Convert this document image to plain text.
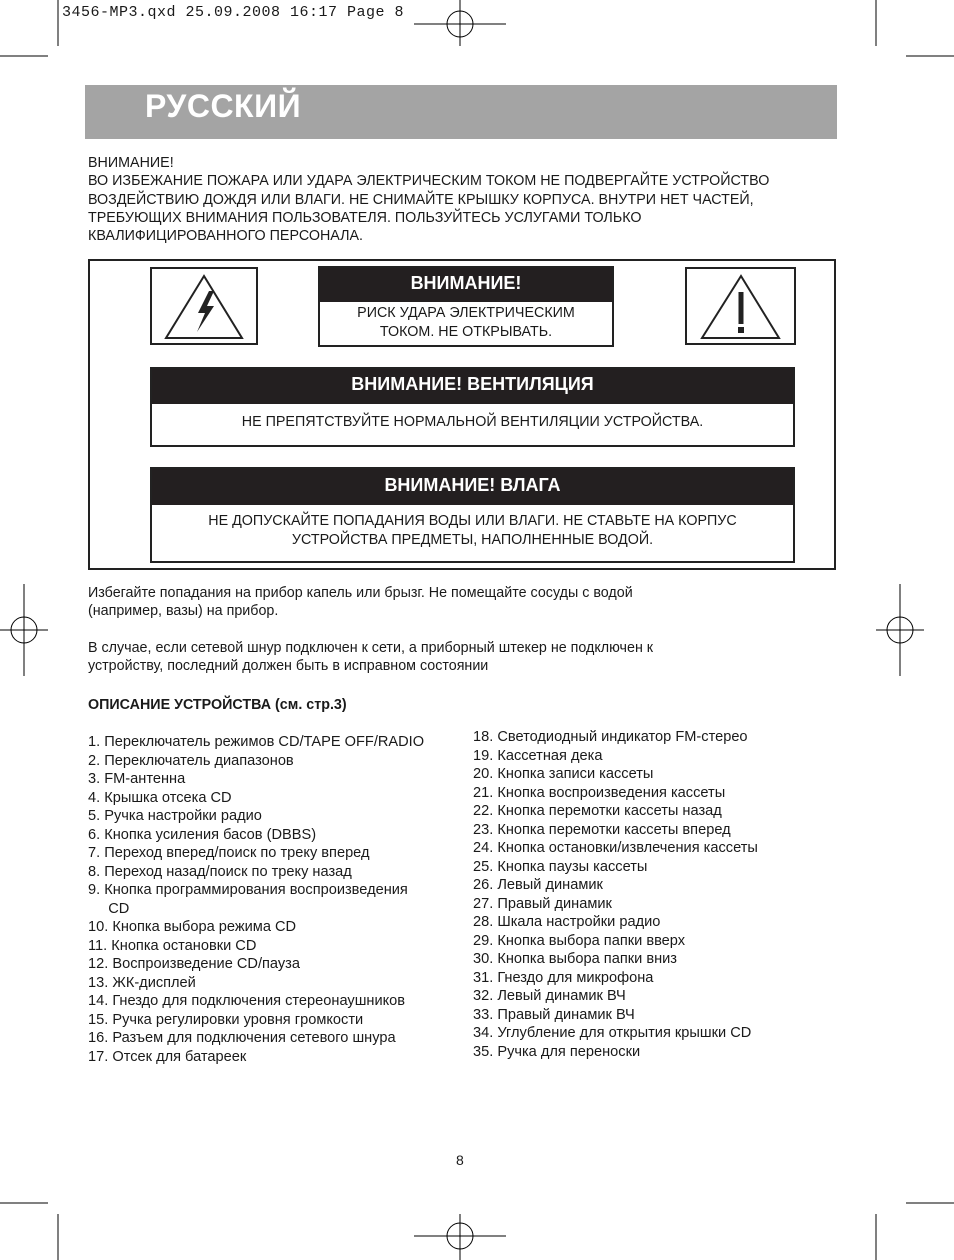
3456-MP3.qxd 25.09.2008 16:17 Page 8
РУССКИЙ
ВНИМАНИЕ!
ВО ИЗБЕЖАНИЕ ПОЖАРА ИЛИ УДАРА ЭЛЕКТРИЧЕСКИМ ТОКОМ НЕ ПОДВЕРГАЙТЕ УСТРОЙСТВО
ВОЗДЕЙСТВИЮ ДОЖДЯ ИЛИ ВЛАГИ. НЕ СНИМАЙТЕ КРЫШКУ КОРПУСА. ВНУТРИ НЕТ ЧАСТЕЙ,
ТРЕБУЮЩИХ ВНИМАНИЯ ПОЛЬЗОВАТЕЛЯ. ПОЛЬЗУЙТЕСЬ УСЛУГАМИ ТОЛЬКО
КВАЛИФИЦИРОВАННОГО ПЕРСОНАЛА.
ВНИМАНИЕ!
РИСК УДАРА ЭЛЕКТРИЧЕСКИМ
ТОКОМ. НЕ ОТКРЫВАТЬ.
ВНИМАНИЕ! ВЕНТИЛЯЦИЯ
НЕ ПРЕПЯТСТВУЙТЕ НОРМАЛЬНОЙ ВЕНТИЛЯЦИИ УСТРОЙСТВА.
ВНИМАНИЕ! ВЛАГА
НЕ ДОПУСКАЙТЕ ПОПАДАНИЯ ВОДЫ ИЛИ ВЛАГИ. НЕ СТАВЬТЕ НА КОРПУС
УСТРОЙСТВА ПРЕДМЕТЫ, НАПОЛНЕННЫЕ ВОДОЙ.
Избегайте попадания на прибор капель или брызг. Не помещайте сосуды с водой
(например, вазы) на прибор.
В случае, если сетевой шнур подключен к сети, а приборный штекер не подключен к
устройству, последний должен быть в исправном состоянии
ОПИСАНИЕ УСТРОЙСТВА (см. стр.3)
1. Переключатель режимов CD/TAPE OFF/RADIO
2. Переключатель диапазонов
3. FM-антенна
4. Крышка отсека CD
5. Ручка настройки радио
6. Кнопка усиления басов (DBBS)
7. Переход вперед/поиск по треку вперед
8. Переход назад/поиск по треку назад
9. Кнопка программирования воспроизведения
CD
10. Кнопка выбора режима CD
11. Кнопка остановки CD
12. Воспроизведение CD/пауза
13. ЖК-дисплей
14. Гнездо для подключения стереонаушников
15. Ручка регулировки уровня громкости
16. Разъем для подключения сетевого шнура
17. Отсек для батареек
18. Светодиодный индикатор FM-стерео
19. Кассетная дека
20. Кнопка записи кассеты
21. Кнопка воспроизведения кассеты
22. Кнопка перемотки кассеты назад
23. Кнопка перемотки кассеты вперед
24. Кнопка остановки/извлечения кассеты
25. Кнопка паузы кассеты
26. Левый динамик
27. Правый динамик
28. Шкала настройки радио
29. Кнопка выбора папки вверх
30. Кнопка выбора папки вниз
31. Гнездо для микрофона
32. Левый динамик ВЧ
33. Правый динамик ВЧ
34. Углубление для открытия крышки CD
35. Ручка для переноски
8
